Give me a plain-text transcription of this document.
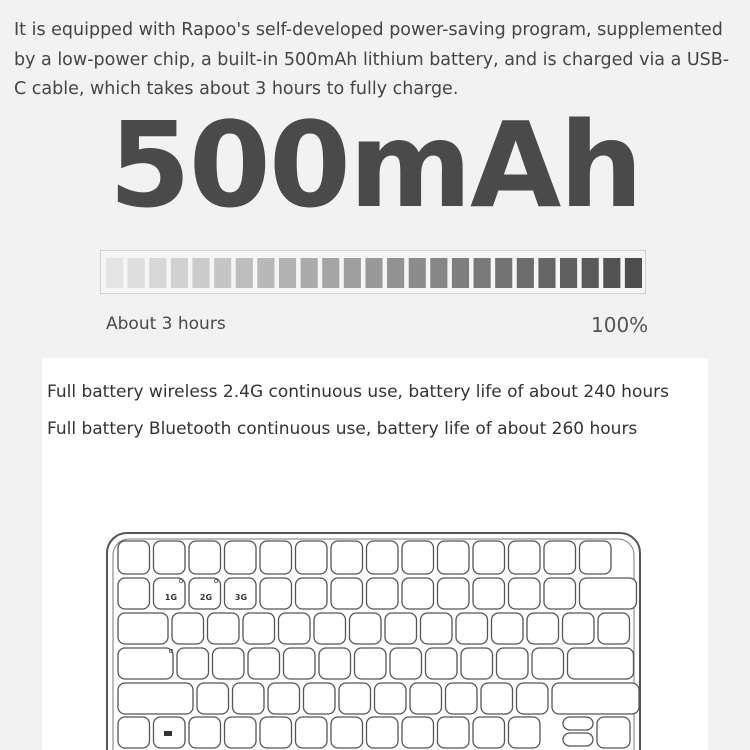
It is equipped with Rapoo's self-developed power-saving program, supplemented by a low-power chip, a built-in 500mAh lithium battery, and is charged via a USB-C cable, which takes about 3 hours to fully charge.

500mAh
About 3 hours	100%
Full battery wireless 2.4G continuous use, battery life of about 240 hours
Full battery Bluetooth continuous use, battery life of about 260 hours
1G	2G	3G
